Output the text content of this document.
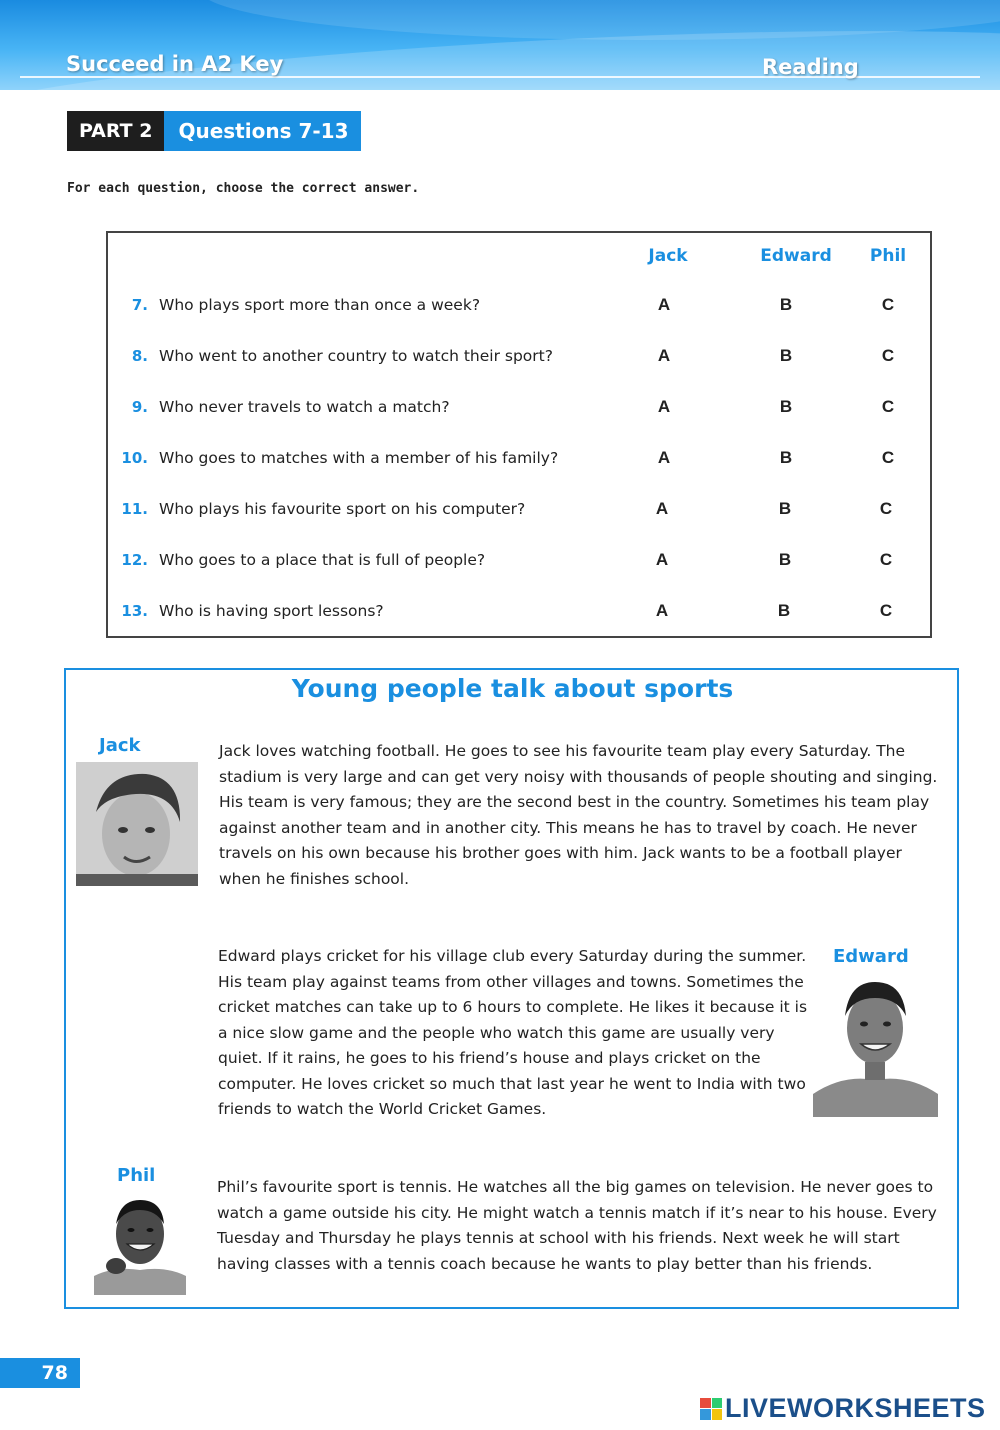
Succeed in A2 Key	Reading
PART 2	Questions 7-13
For each question, choose the correct answer.
Jack	Edward	Phil
7. Who plays sport more than once a week?	A	B	C
8. Who went to another country to watch their sport?	A	B	C
9. Who never travels to watch a match?	A	B	C
10. Who goes to matches with a member of his family?	A	B	C
11. Who plays his favourite sport on his computer?	A	B	C
12. Who goes to a place that is full of people?	A	B	C
13. Who is having sport lessons?	A	B	C
Young people talk about sports
Jack	Jack loves watching football. He goes to see his favourite team play every Saturday. The stadium is very large and can get very noisy with thousands of people shouting and singing. His team is very famous; they are the second best in the country. Sometimes his team play against another team and in another city. This means he has to travel by coach. He never travels on his own because his brother goes with him. Jack wants to be a football player when he finishes school.
Edward plays cricket for his village club every Saturday during the summer. His team play against teams from other villages and towns. Sometimes the cricket matches can take up to 6 hours to complete. He likes it because it is a nice slow game and the people who watch this game are usually very quiet. If it rains, he goes to his friend’s house and plays cricket on the computer. He loves cricket so much that last year he went to India with two friends to watch the World Cricket Games.
Edward
Phil
Phil’s favourite sport is tennis. He watches all the big games on television. He never goes to watch a game outside his city. He might watch a tennis match if it’s near to his house. Every Tuesday and Thursday he plays tennis at school with his friends. Next week he will start having classes with a tennis coach because he wants to play better than his friends.
78
LIVEWORKSHEETS
